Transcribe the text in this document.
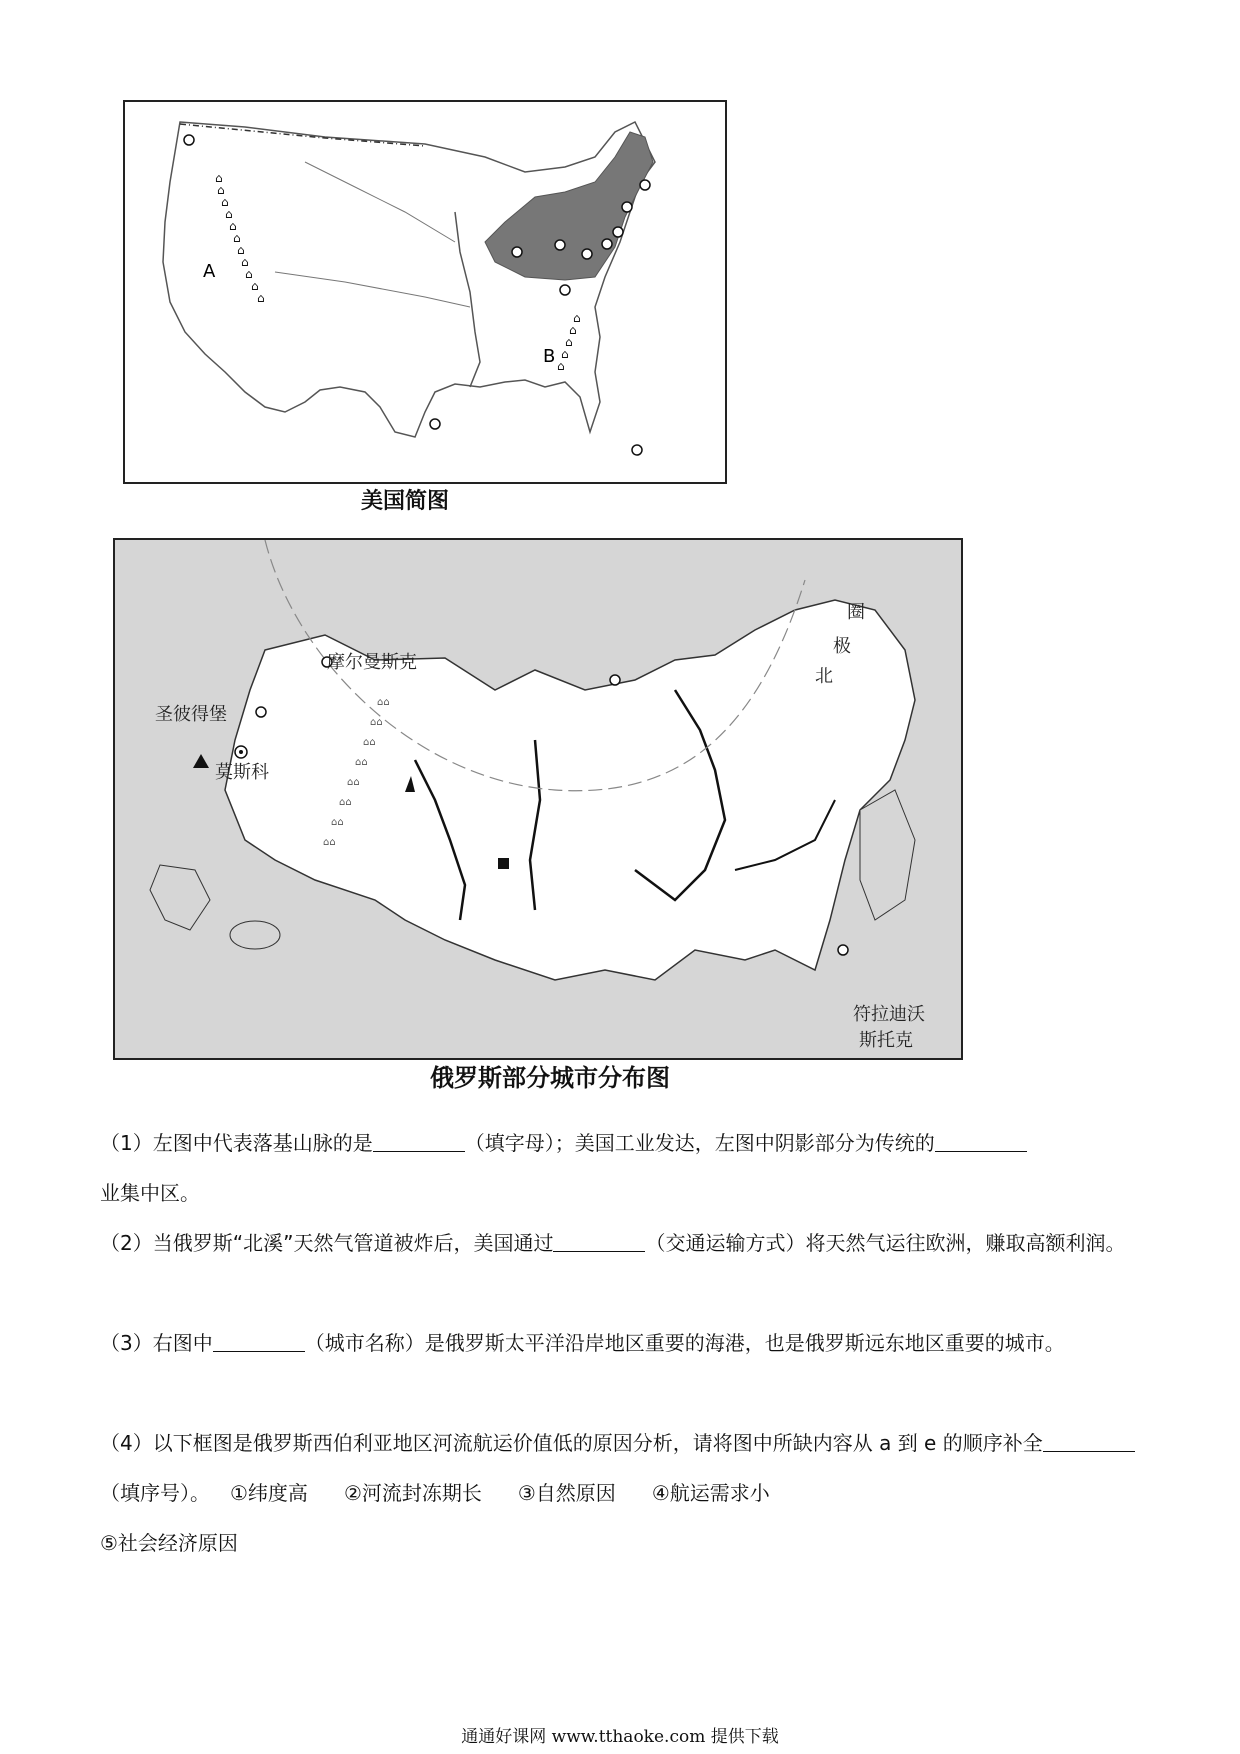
⌂
⌂
⌂
⌂
⌂
⌂
⌂
⌂
⌂
⌂
⌂
⌂
⌂
⌂
⌂
⌂
A
B
美国简图
⌂⌂
⌂⌂
⌂⌂
⌂⌂
⌂⌂
⌂⌂
⌂⌂
⌂⌂
摩尔曼斯克
圣彼得堡
莫斯科
符拉迪沃
斯托克
圈
极
北
俄罗斯部分城市分布图

（1）左图中代表落基山脉的是	（填字母）；美国工业发达，左图中阴影部分为传统的
业集中区。

（2）当俄罗斯“北溪”天然气管道被炸后，美国通过	（交通运输方式）将天然气运往欧洲，赚取高额利润。

（3）右图中	（城市名称）是俄罗斯太平洋沿岸地区重要的海港，也是俄罗斯远东地区重要的城市。

（4）以下框图是俄罗斯西伯利亚地区河流航运价值低的原因分析，请将图中所缺内容从 a 到 e 的顺序补全（填序号）。 ①纬度高 ②河流封冻期长 ③自然原因 ④航运需求小
⑤社会经济原因

通通好课网 www.tthaoke.com 提供下载
